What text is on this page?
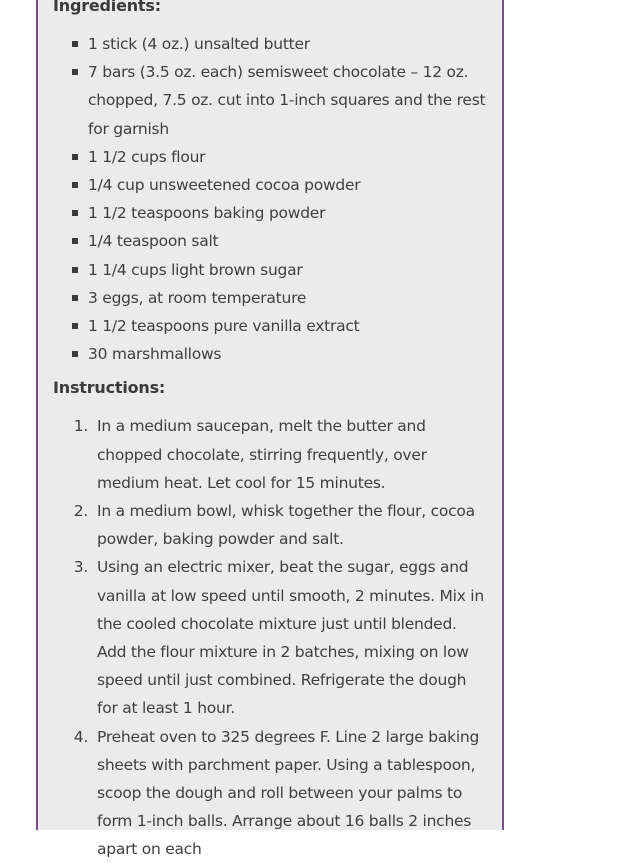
Ingredients:
1 stick (4 oz.) unsalted butter
7 bars (3.5 oz. each) semisweet chocolate – 12 oz. chopped, 7.5 oz. cut into 1-inch squares and the rest for garnish
1 1/2 cups flour
1/4 cup unsweetened cocoa powder
1 1/2 teaspoons baking powder
1/4 teaspoon salt
1 1/4 cups light brown sugar
3 eggs, at room temperature
1 1/2 teaspoons pure vanilla extract
30 marshmallows
Instructions:
1. In a medium saucepan, melt the butter and chopped chocolate, stirring frequently, over medium heat. Let cool for 15 minutes.
2. In a medium bowl, whisk together the flour, cocoa powder, baking powder and salt.
3. Using an electric mixer, beat the sugar, eggs and vanilla at low speed until smooth, 2 minutes. Mix in the cooled chocolate mixture just until blended. Add the flour mixture in 2 batches, mixing on low speed until just combined. Refrigerate the dough for at least 1 hour.
4. Preheat oven to 325 degrees F. Line 2 large baking sheets with parchment paper. Using a tablespoon, scoop the dough and roll between your palms to form 1-inch balls. Arrange about 16 balls 2 inches apart on each
